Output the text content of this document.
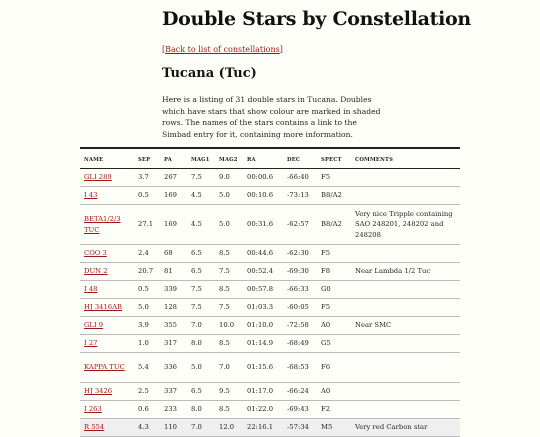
Double Stars by Constellation
[Back to list of constellations]
Tucana (Tuc)

Here is a listing of 31 double stars in Tucana. Doubles which have stars that show colour are marked in shaded rows. The names of the stars contains a link to the Simbad entry for it, containing more information.

NAME	SEP	PA	MAG1	MAG2	RA	DEC	SPECT	COMMENTS
GLI 289	3.7	267	7.5	9.0	00:00.6	-66:40	F5	
I 43	0.5	169	4.5	5.0	00:10.6	-73:13	B8/A2	
BETA1/2/3 TUC	27.1	169	4.5	5.0	00:31.6	-62:57	B8/A2	Very nice Tripple containing SAO 248201, 248202 and 248208
COO 3	2.4	68	6.5	8.5	00:44.6	-62:30	F5	
DUN 2	20.7	81	6.5	7.5	00:52.4	-69:30	F8	Near Lambda 1/2 Tuc
I 48	0.5	339	7.5	8.5	00:57.8	-66:33	G0	
HJ 3416AB	5.0	128	7.5	7.5	01:03.3	-60:05	F5	
GLI 9	3.9	355	7.0	10.0	01:10.0	-72:58	A0	Near SMC
I 27	1.0	317	8.0	8.5	01:14.9	-68:49	G5	
KAPPA TUC	5.4	336	5.0	7.0	01:15.6	-68:53	F6	
HJ 3426	2.5	337	6.5	9.5	01:17.0	-66:24	A0	
I 263	0.6	233	8.0	8.5	01:22.0	-69:43	F2	
R 554	4.3	110	7.0	12.0	22:16.1	-57:34	M5	Very red Carbon star
